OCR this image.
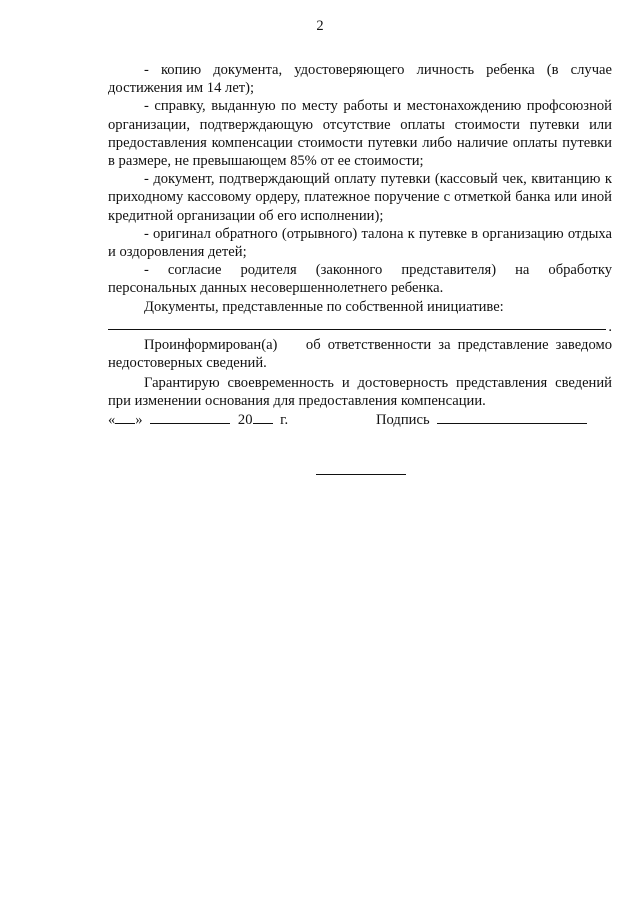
2

- копию документа, удостоверяющего личность ребенка (в случае достижения им 14 лет);

- справку, выданную по месту работы и местонахождению профсоюзной организации, подтверждающую отсутствие оплаты стоимости путевки или предоставления компенсации стоимости путевки либо наличие оплаты путевки в размере, не превышающем 85% от ее стоимости;

- документ, подтверждающий оплату путевки (кассовый чек, квитанцию к приходному кассовому ордеру, платежное поручение с отметкой банка или иной кредитной организации об его исполнении);

- оригинал обратного (отрывного) талона к путевке в организацию отдыха и оздоровления детей;

- согласие родителя (законного представителя) на обработку персональных данных несовершеннолетнего ребенка.

Документы, представленные по собственной инициативе:

.

Проинформирован(а)    об ответственности за представление заведомо недостоверных сведений.

Гарантирую своевременность и достоверность представления сведений при изменении основания для предоставления компенсации.

« »	20 г.	Подпись
